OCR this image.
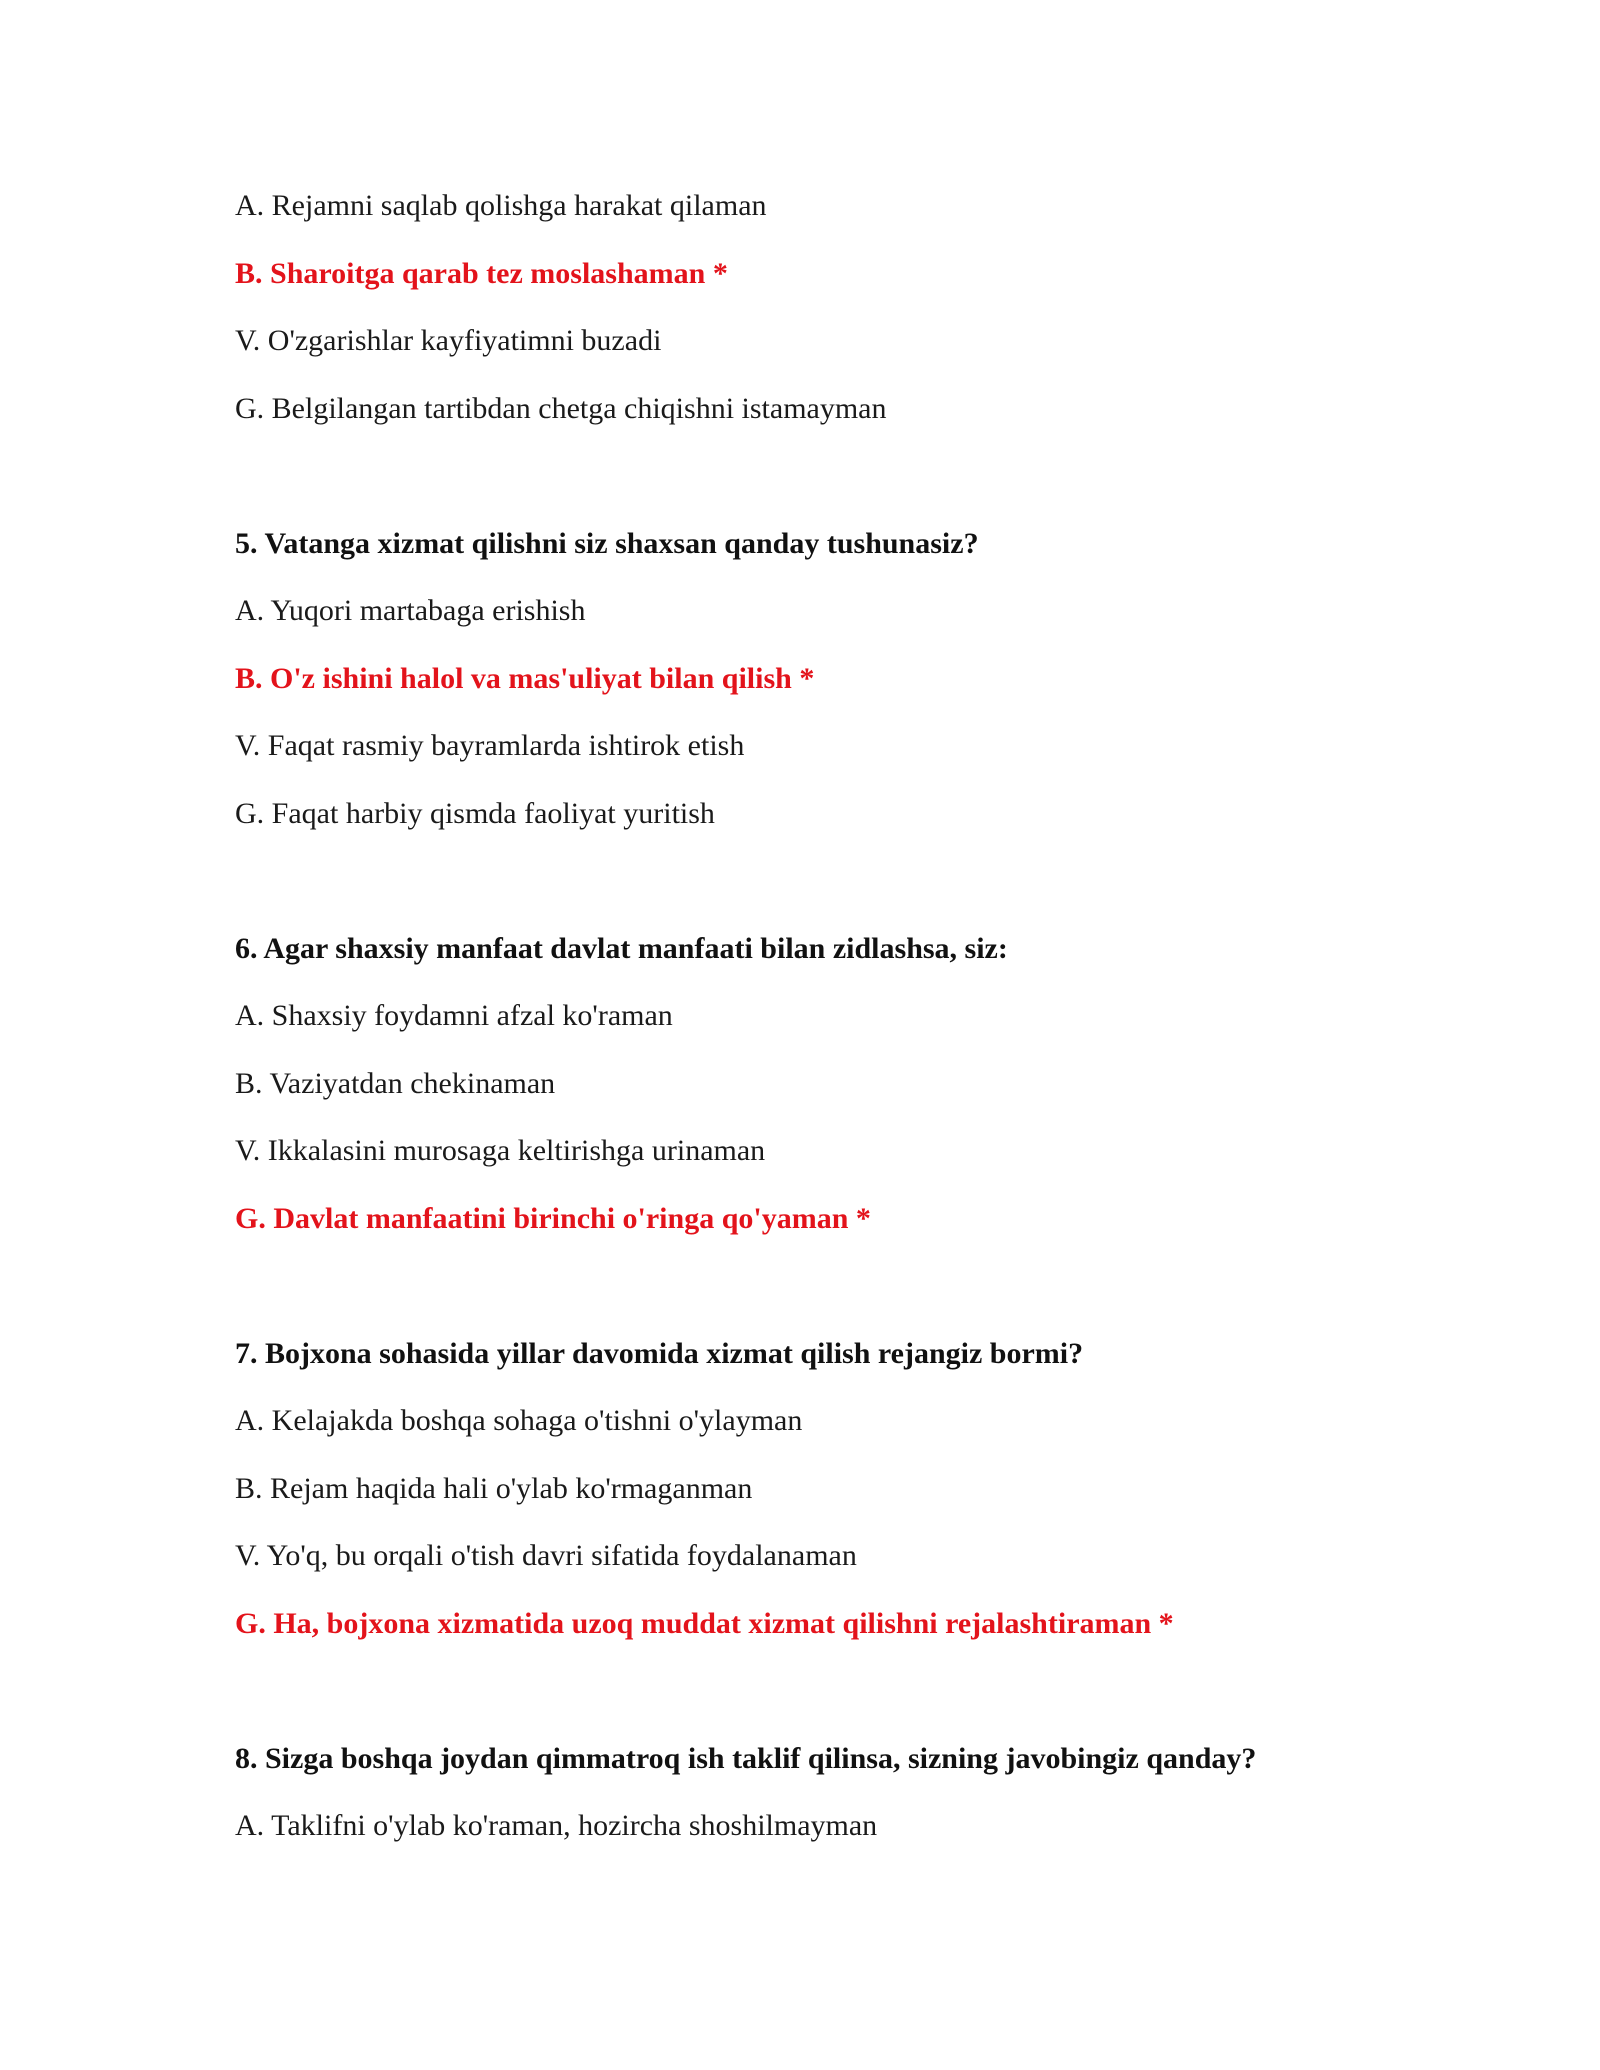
A. Rejamni saqlab qolishga harakat qilaman
B. Sharoitga qarab tez moslashaman *
V. O'zgarishlar kayfiyatimni buzadi
G. Belgilangan tartibdan chetga chiqishni istamayman
5. Vatanga xizmat qilishni siz shaxsan qanday tushunasiz?
A. Yuqori martabaga erishish
B. O'z ishini halol va mas'uliyat bilan qilish *
V. Faqat rasmiy bayramlarda ishtirok etish
G. Faqat harbiy qismda faoliyat yuritish
6. Agar shaxsiy manfaat davlat manfaati bilan zidlashsa, siz:
A. Shaxsiy foydamni afzal ko'raman
B. Vaziyatdan chekinaman
V. Ikkalasini murosaga keltirishga urinaman
G. Davlat manfaatini birinchi o'ringa qo'yaman *
7. Bojxona sohasida yillar davomida xizmat qilish rejangiz bormi?
A. Kelajakda boshqa sohaga o'tishni o'ylayman
B. Rejam haqida hali o'ylab ko'rmaganman
V. Yo'q, bu orqali o'tish davri sifatida foydalanaman
G. Ha, bojxona xizmatida uzoq muddat xizmat qilishni rejalashtiraman *
8. Sizga boshqa joydan qimmatroq ish taklif qilinsa, sizning javobingiz qanday?
A. Taklifni o'ylab ko'raman, hozircha shoshilmayman
